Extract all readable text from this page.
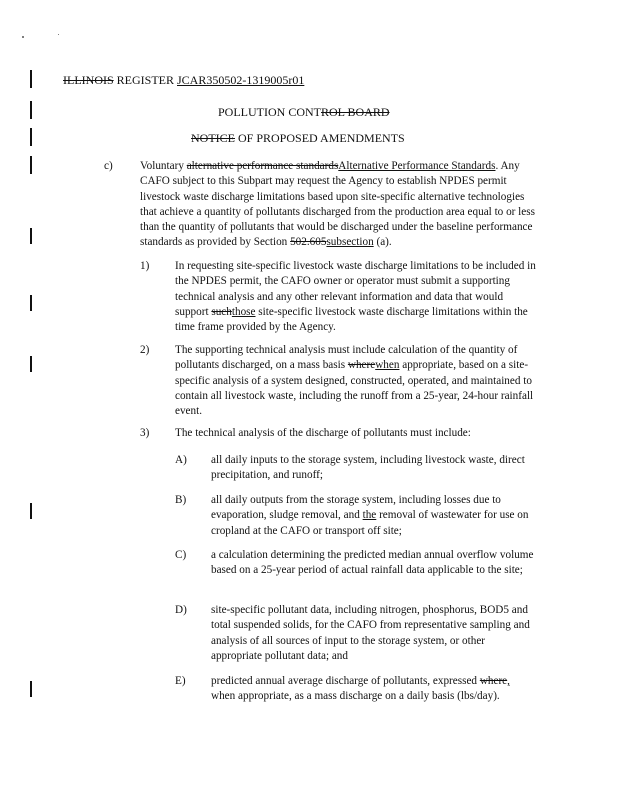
ILLINOIS REGISTER JCAR350502-1319005r01
POLLUTION CONTROL BOARD
NOTICE OF PROPOSED AMENDMENTS
c) Voluntary alternative performance standardsAlternative Performance Standards. Any CAFO subject to this Subpart may request the Agency to establish NPDES permit livestock waste discharge limitations based upon site-specific alternative technologies that achieve a quantity of pollutants discharged from the production area equal to or less than the quantity of pollutants that would be discharged under the baseline performance standards as provided by Section 502.605subsection (a).
1) In requesting site-specific livestock waste discharge limitations to be included in the NPDES permit, the CAFO owner or operator must submit a supporting technical analysis and any other relevant information and data that would support suchthose site-specific livestock waste discharge limitations within the time frame provided by the Agency.
2) The supporting technical analysis must include calculation of the quantity of pollutants discharged, on a mass basis wherewhen appropriate, based on a site-specific analysis of a system designed, constructed, operated, and maintained to contain all livestock waste, including the runoff from a 25-year, 24-hour rainfall event.
3) The technical analysis of the discharge of pollutants must include:
A) all daily inputs to the storage system, including livestock waste, direct precipitation, and runoff;
B) all daily outputs from the storage system, including losses due to evaporation, sludge removal, and the removal of wastewater for use on cropland at the CAFO or transport off site;
C) a calculation determining the predicted median annual overflow volume based on a 25-year period of actual rainfall data applicable to the site;
D) site-specific pollutant data, including nitrogen, phosphorus, BOD5 and total suspended solids, for the CAFO from representative sampling and analysis of all sources of input to the storage system, or other appropriate pollutant data; and
E) predicted annual average discharge of pollutants, expressed where, when appropriate, as a mass discharge on a daily basis (lbs/day).
